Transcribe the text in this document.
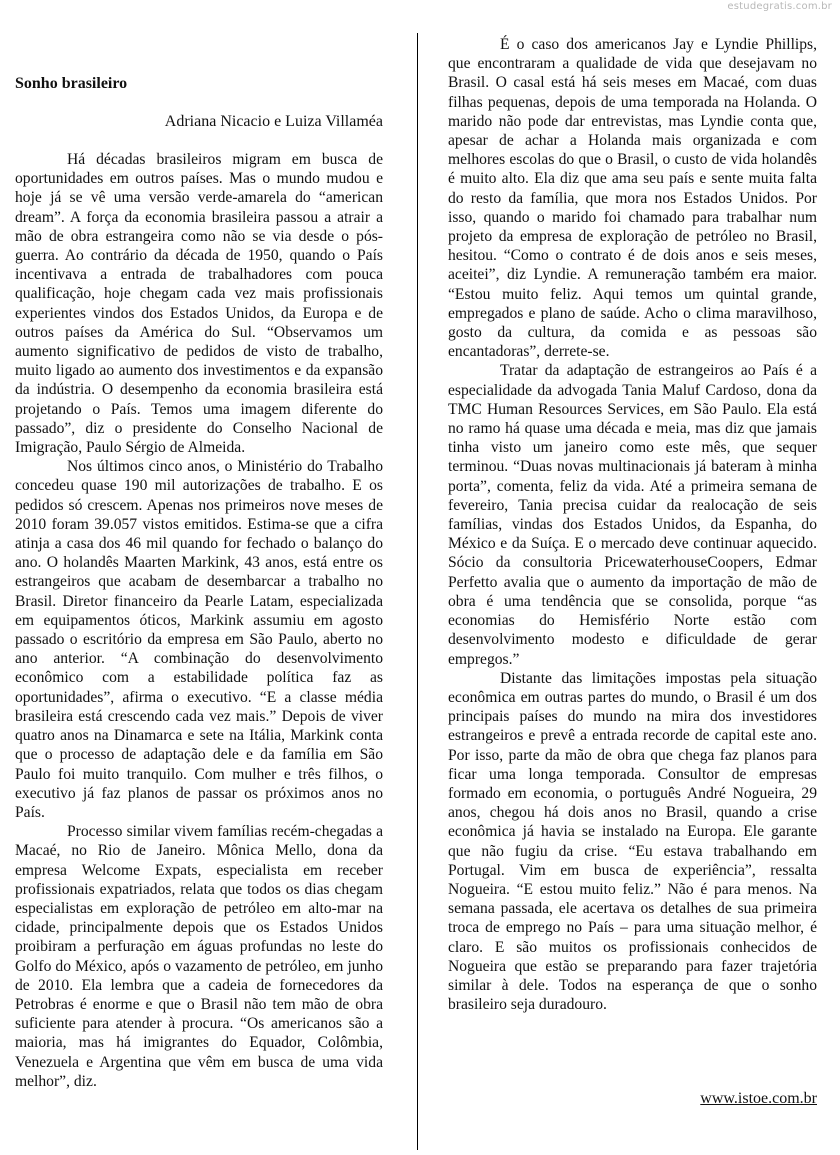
estudegratis.com.br
Sonho brasileiro
Adriana Nicacio e Luiza Villaméa

Há décadas brasileiros migram em busca de oportunidades em outros países. Mas o mundo mudou e hoje já se vê uma versão verde-amarela do “american dream”. A força da economia brasileira passou a atrair a mão de obra estrangeira como não se via desde o pós-guerra. Ao contrário da década de 1950, quando o País incentivava a entrada de trabalhadores com pouca qualificação, hoje chegam cada vez mais profissionais experientes vindos dos Estados Unidos, da Europa e de outros países da América do Sul. “Observamos um aumento significativo de pedidos de visto de trabalho, muito ligado ao aumento dos investimentos e da expansão da indústria. O desempenho da economia brasileira está projetando o País. Temos uma imagem diferente do passado”, diz o presidente do Conselho Nacional de Imigração, Paulo Sérgio de Almeida.

Nos últimos cinco anos, o Ministério do Trabalho concedeu quase 190 mil autorizações de trabalho. E os pedidos só crescem. Apenas nos primeiros nove meses de 2010 foram 39.057 vistos emitidos. Estima-se que a cifra atinja a casa dos 46 mil quando for fechado o balanço do ano. O holandês Maarten Markink, 43 anos, está entre os estrangeiros que acabam de desembarcar a trabalho no Brasil. Diretor financeiro da Pearle Latam, especializada em equipamentos óticos, Markink assumiu em agosto passado o escritório da empresa em São Paulo, aberto no ano anterior. “A combinação do desenvolvimento econômico com a estabilidade política faz as oportunidades”, afirma o executivo. “E a classe média brasileira está crescendo cada vez mais.” Depois de viver quatro anos na Dinamarca e sete na Itália, Markink conta que o processo de adaptação dele e da família em São Paulo foi muito tranquilo. Com mulher e três filhos, o executivo já faz planos de passar os próximos anos no País.

Processo similar vivem famílias recém-chegadas a Macaé, no Rio de Janeiro. Mônica Mello, dona da empresa Welcome Expats, especialista em receber profissionais expatriados, relata que todos os dias chegam especialistas em exploração de petróleo em alto-mar na cidade, principalmente depois que os Estados Unidos proibiram a perfuração em águas profundas no leste do Golfo do México, após o vazamento de petróleo, em junho de 2010. Ela lembra que a cadeia de fornecedores da Petrobras é enorme e que o Brasil não tem mão de obra suficiente para atender à procura. “Os americanos são a maioria, mas há imigrantes do Equador, Colômbia, Venezuela e Argentina que vêm em busca de uma vida melhor”, diz.

É o caso dos americanos Jay e Lyndie Phillips, que encontraram a qualidade de vida que desejavam no Brasil. O casal está há seis meses em Macaé, com duas filhas pequenas, depois de uma temporada na Holanda. O marido não pode dar entrevistas, mas Lyndie conta que, apesar de achar a Holanda mais organizada e com melhores escolas do que o Brasil, o custo de vida holandês é muito alto. Ela diz que ama seu país e sente muita falta do resto da família, que mora nos Estados Unidos. Por isso, quando o marido foi chamado para trabalhar num projeto da empresa de exploração de petróleo no Brasil, hesitou. “Como o contrato é de dois anos e seis meses, aceitei”, diz Lyndie. A remuneração também era maior. “Estou muito feliz. Aqui temos um quintal grande, empregados e plano de saúde. Acho o clima maravilhoso, gosto da cultura, da comida e as pessoas são encantadoras”, derrete-se.

Tratar da adaptação de estrangeiros ao País é a especialidade da advogada Tania Maluf Cardoso, dona da TMC Human Resources Services, em São Paulo. Ela está no ramo há quase uma década e meia, mas diz que jamais tinha visto um janeiro como este mês, que sequer terminou. “Duas novas multinacionais já bateram à minha porta”, comenta, feliz da vida. Até a primeira semana de fevereiro, Tania precisa cuidar da realocação de seis famílias, vindas dos Estados Unidos, da Espanha, do México e da Suíça. E o mercado deve continuar aquecido. Sócio da consultoria PricewaterhouseCoopers, Edmar Perfetto avalia que o aumento da importação de mão de obra é uma tendência que se consolida, porque “as economias do Hemisfério Norte estão com desenvolvimento modesto e dificuldade de gerar empregos.”

Distante das limitações impostas pela situação econômica em outras partes do mundo, o Brasil é um dos principais países do mundo na mira dos investidores estrangeiros e prevê a entrada recorde de capital este ano. Por isso, parte da mão de obra que chega faz planos para ficar uma longa temporada. Consultor de empresas formado em economia, o português André Nogueira, 29 anos, chegou há dois anos no Brasil, quando a crise econômica já havia se instalado na Europa. Ele garante que não fugiu da crise. “Eu estava trabalhando em Portugal. Vim em busca de experiência”, ressalta Nogueira. “E estou muito feliz.” Não é para menos. Na semana passada, ele acertava os detalhes de sua primeira troca de emprego no País – para uma situação melhor, é claro. E são muitos os profissionais conhecidos de Nogueira que estão se preparando para fazer trajetória similar à dele. Todos na esperança de que o sonho brasileiro seja duradouro.

www.istoe.com.br
